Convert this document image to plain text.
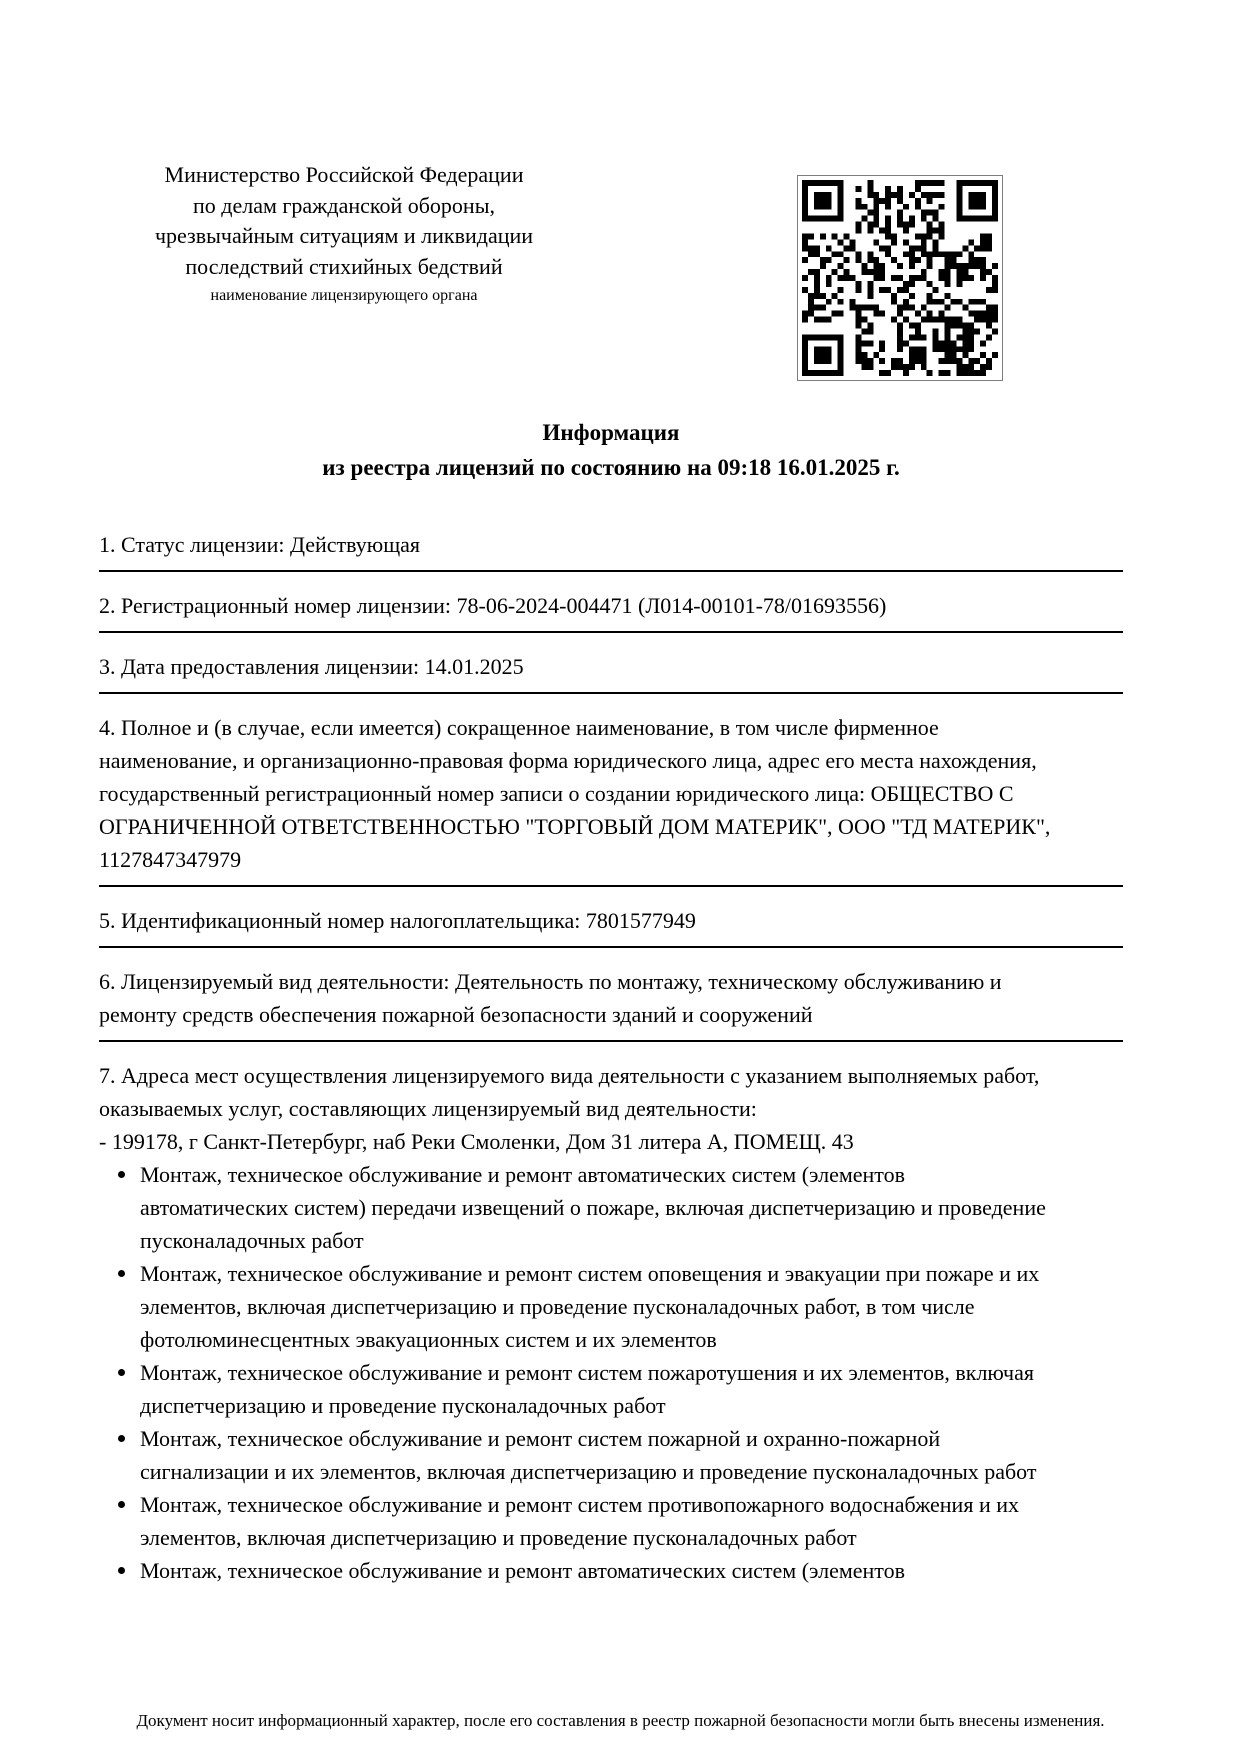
Министерство Российской Федерации
по делам гражданской обороны,
чрезвычайным ситуациям и ликвидации
последствий стихийных бедствий
наименование лицензирующего органа
Информация
из реестра лицензий по состоянию на 09:18 16.01.2025 г.

1. Статус лицензии: Действующая

2. Регистрационный номер лицензии: 78-06-2024-004471 (Л014-00101-78/01693556)

3. Дата предоставления лицензии: 14.01.2025

4. Полное и (в случае, если имеется) сокращенное наименование, в том числе фирменное наименование, и организационно-правовая форма юридического лица, адрес его места нахождения, государственный регистрационный номер записи о создании юридического лица: ОБЩЕСТВО С ОГРАНИЧЕННОЙ ОТВЕТСТВЕННОСТЬЮ "ТОРГОВЫЙ ДОМ МАТЕРИК", ООО "ТД МАТЕРИК", 1127847347979

5. Идентификационный номер налогоплательщика: 7801577949

6. Лицензируемый вид деятельности: Деятельность по монтажу, техническому обслуживанию и ремонту средств обеспечения пожарной безопасности зданий и сооружений

7. Адреса мест осуществления лицензируемого вида деятельности с указанием выполняемых работ, оказываемых услуг, составляющих лицензируемый вид деятельности:

- 199178, г Санкт-Петербург, наб Реки Смоленки, Дом 31 литера А, ПОМЕЩ. 43

Монтаж, техническое обслуживание и ремонт автоматических систем (элементов автоматических систем) передачи извещений о пожаре, включая диспетчеризацию и проведение пусконаладочных работ
Монтаж, техническое обслуживание и ремонт систем оповещения и эвакуации при пожаре и их элементов, включая диспетчеризацию и проведение пусконаладочных работ, в том числе фотолюминесцентных эвакуационных систем и их элементов
Монтаж, техническое обслуживание и ремонт систем пожаротушения и их элементов, включая диспетчеризацию и проведение пусконаладочных работ
Монтаж, техническое обслуживание и ремонт систем пожарной и охранно-пожарной сигнализации и их элементов, включая диспетчеризацию и проведение пусконаладочных работ
Монтаж, техническое обслуживание и ремонт систем противопожарного водоснабжения и их элементов, включая диспетчеризацию и проведение пусконаладочных работ
Монтаж, техническое обслуживание и ремонт автоматических систем (элементов
Документ носит информационный характер, после его составления в реестр пожарной безопасности могли быть внесены изменения.
